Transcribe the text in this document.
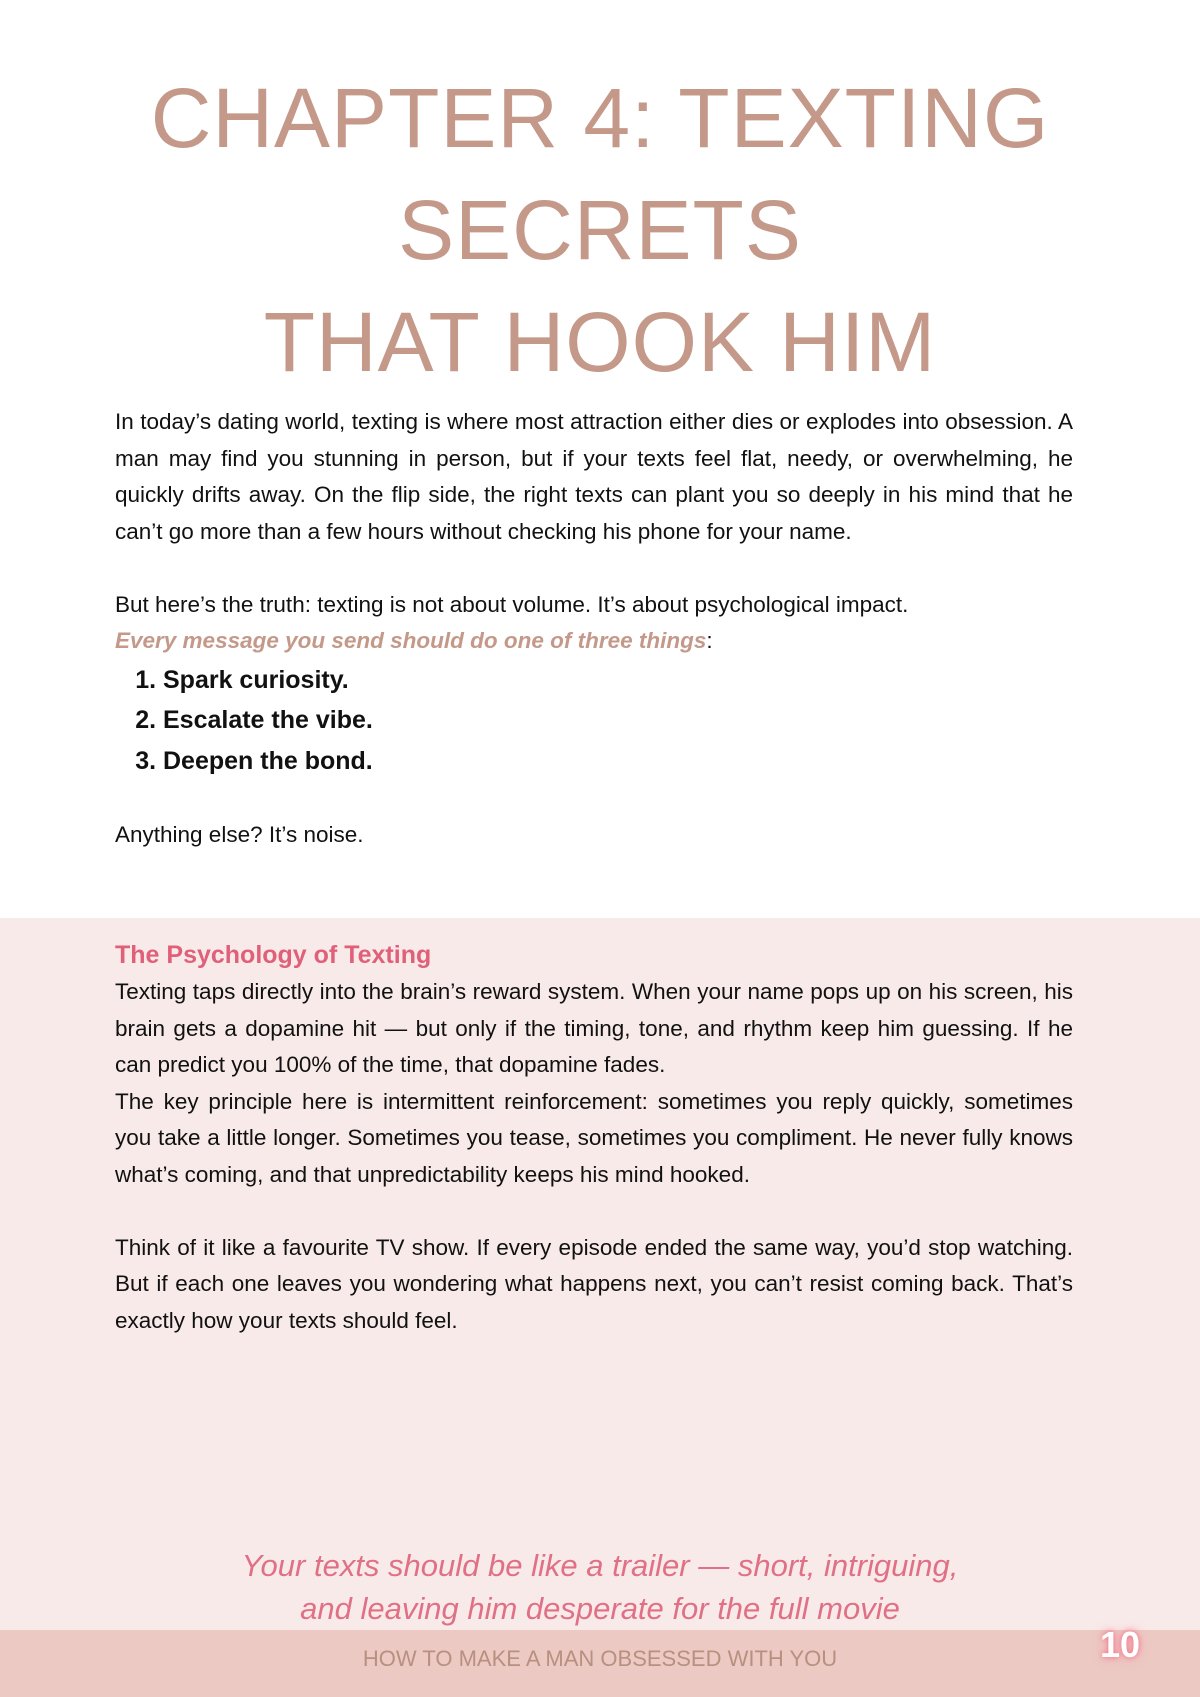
CHAPTER 4: TEXTING SECRETS
THAT HOOK HIM

In today’s dating world, texting is where most attraction either dies or explodes into obsession. A man may find you stunning in person, but if your texts feel flat, needy, or overwhelming, he quickly drifts away. On the flip side, the right texts can plant you so deeply in his mind that he can’t go more than a few hours without checking his phone for your name.

But here’s the truth: texting is not about volume. It’s about psychological impact.

Every message you send should do one of three things:

1. Spark curiosity.
2. Escalate the vibe.
3. Deepen the bond.

Anything else? It’s noise.

The Psychology of Texting

Texting taps directly into the brain’s reward system. When your name pops up on his screen, his brain gets a dopamine hit — but only if the timing, tone, and rhythm keep him guessing. If he can predict you 100% of the time, that dopamine fades.

The key principle here is intermittent reinforcement: sometimes you reply quickly, sometimes you take a little longer. Sometimes you tease, sometimes you compliment. He never fully knows what’s coming, and that unpredictability keeps his mind hooked.

Think of it like a favourite TV show. If every episode ended the same way, you’d stop watching. But if each one leaves you wondering what happens next, you can’t resist coming back. That’s exactly how your texts should feel.

Your texts should be like a trailer — short, intriguing,
and leaving him desperate for the full movie
HOW TO MAKE A MAN OBSESSED WITH YOU	10
